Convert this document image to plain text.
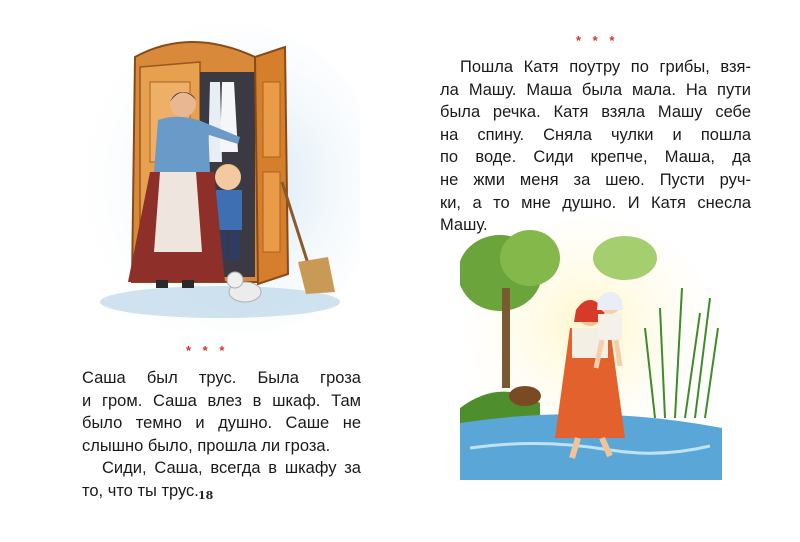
* * *
Саша был трус. Была гроза
и гром. Саша влез в шкаф. Там
было темно и душно. Саше не
слышно было, прошла ли гроза.
Сиди, Саша, всегда в шкафу за
то, что ты трус. 18
* * *
Пошла Катя поутру по грибы, взя-
ла Машу. Маша была мала. На пути
была речка. Катя взяла Машу себе
на спину. Сняла чулки и пошла
по воде. Сиди крепче, Маша, да
не жми меня за шею. Пусти руч-
ки, а то мне душно. И Катя снесла
Машу.
